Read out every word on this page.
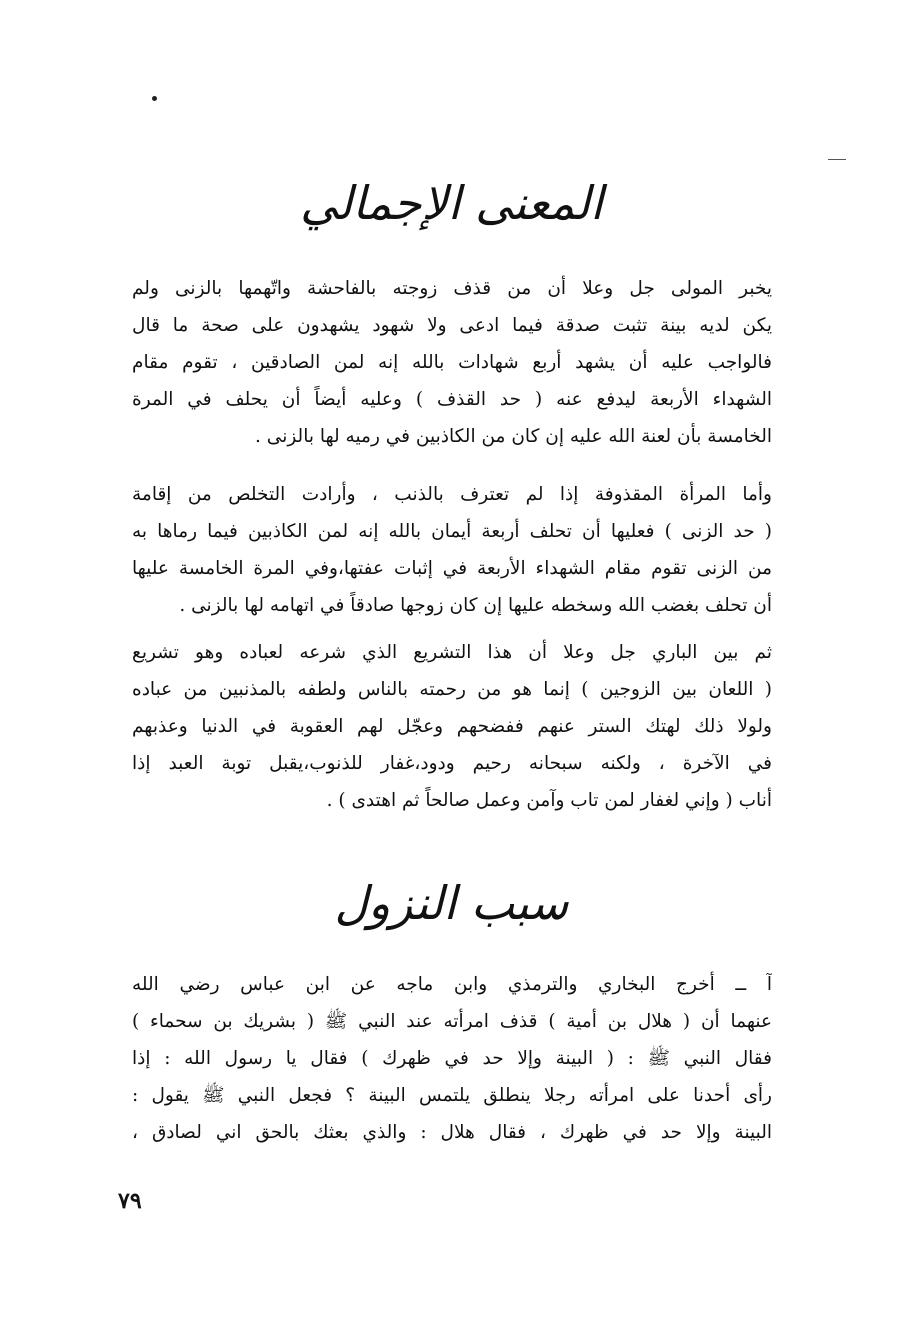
المعنى الإجمالي
يخبر المولى جل وعلا أن من قذف زوجته بالفاحشة واتّهمها بالزنى ولم
يكن لديه بينة تثبت صدقة فيما ادعى ولا شهود يشهدون على صحة ما قال
فالواجب عليه أن يشهد أربع شهادات بالله إنه لمن الصادقين ، تقوم مقام
الشهداء الأربعة ليدفع عنه ( حد القذف ) وعليه أيضاً أن يحلف في المرة
الخامسة بأن لعنة الله عليه إن كان من الكاذبين في رميه لها بالزنى .
وأما المرأة المقذوفة إذا لم تعترف بالذنب ، وأرادت التخلص من إقامة
( حد الزنى ) فعليها أن تحلف أربعة أيمان بالله إنه لمن الكاذبين فيما رماها به
من الزنى تقوم مقام الشهداء الأربعة في إثبات عفتها،وفي المرة الخامسة عليها
أن تحلف بغضب الله وسخطه عليها إن كان زوجها صادقاً في اتهامه لها بالزنى .
ثم بين الباري جل وعلا أن هذا التشريع الذي شرعه لعباده وهو تشريع
( اللعان بين الزوجين ) إنما هو من رحمته بالناس ولطفه بالمذنبين من عباده
ولولا ذلك لهتك الستر عنهم ففضحهم وعجّل لهم العقوبة في الدنيا وعذبهم
في الآخرة ، ولكنه سبحانه رحيم ودود،غفار للذنوب،يقبل توبة العبد إذا
أناب ( وإني لغفار لمن تاب وآمن وعمل صالحاً ثم اهتدى ) .
سبب النزول
آ ــ أخرج البخاري والترمذي وابن ماجه عن ابن عباس رضي الله
عنهما أن ( هلال بن أمية ) قذف امرأته عند النبي ﷺ ( بشريك بن سحماء )
فقال النبي ﷺ : ( البينة وإلا حد في ظهرك ) فقال يا رسول الله : إذا
رأى أحدنا على امرأته رجلا ينطلق يلتمس البينة ؟ فجعل النبي ﷺ يقول :
البينة وإلا حد في ظهرك ، فقال هلال : والذي بعثك بالحق اني لصادق ،
٧٩
